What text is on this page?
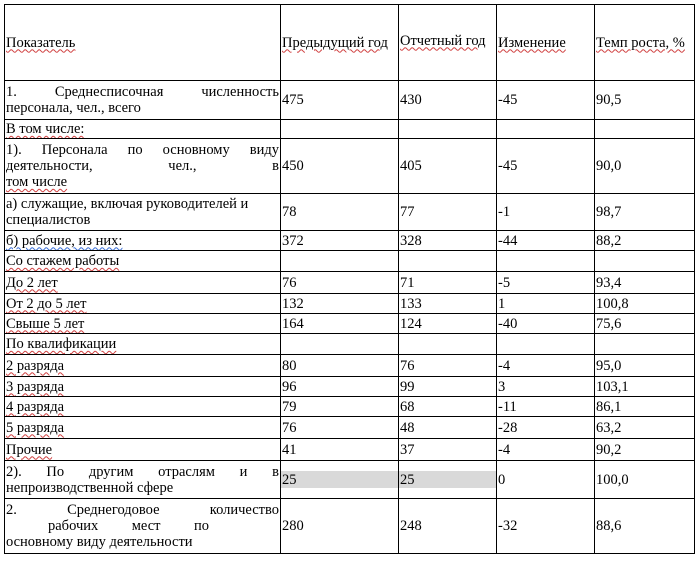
Показатель	Предыдущий год	Отчетный год	Изменение	Темп роста, %
1. Среднесписочная численность персонала, чел., всего	475	430	-45	90,5
В том числе:				

1). Персонала по основному виду деятельности, чел., в
том числе	450	405	-45	90,0
а) служащие, включая руководителей и специалистов	78	77	-1	98,7
б) рабочие, из них:	372	328	-44	88,2
Со стажем работы				
До 2 лет	76	71	-5	93,4
От 2 до 5 лет	132	133	1	100,8
Свыше 5 лет	164	124	-40	75,6
По квалификации				
2 разряда	80	76	-4	95,0
3 разряда	96	99	3	103,1
4 разряда	79	68	-11	86,1
5 разряда	76	48	-28	63,2
Прочие	41	37	-4	90,2
2). По другим отраслям и в непроизводственной сфере	25	25	0	100,0

2. Среднегодовое количество
рабочих мест по
основному виду деятельности	280	248	-32	88,6
